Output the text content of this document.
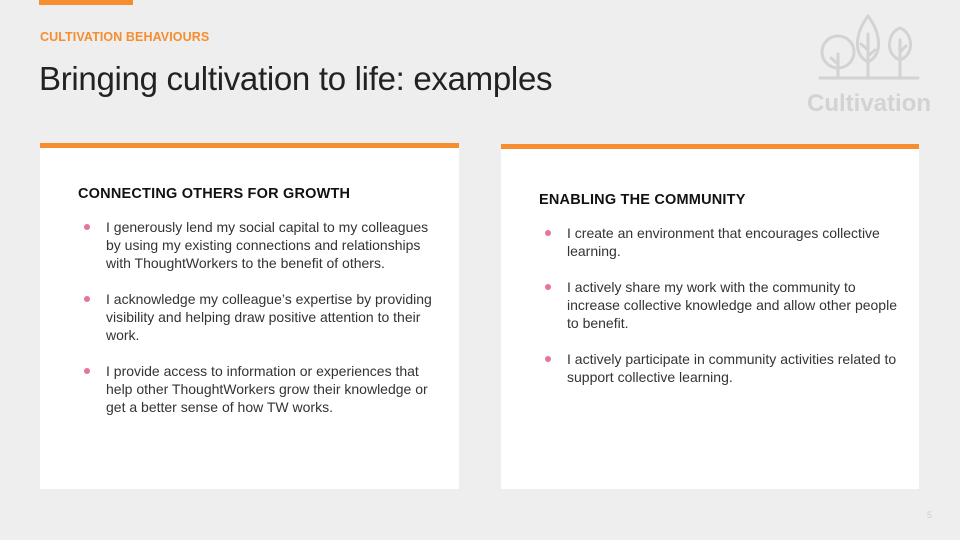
CULTIVATION BEHAVIOURS
Bringing cultivation to life: examples
Cultivation
CONNECTING OTHERS FOR GROWTH
I generously lend my social capital to my colleagues by using my existing connections and relationships with ThoughtWorkers to the benefit of others.
I acknowledge my colleague’s expertise by providing visibility and helping draw positive attention to their work.
I provide access to information or experiences that help other ThoughtWorkers grow their knowledge or get a better sense of how TW works.
ENABLING THE COMMUNITY
I create an environment that encourages collective learning.
I actively share my work with the community to increase collective knowledge and allow other people to benefit.
I actively participate in community activities related to support collective learning.
5
